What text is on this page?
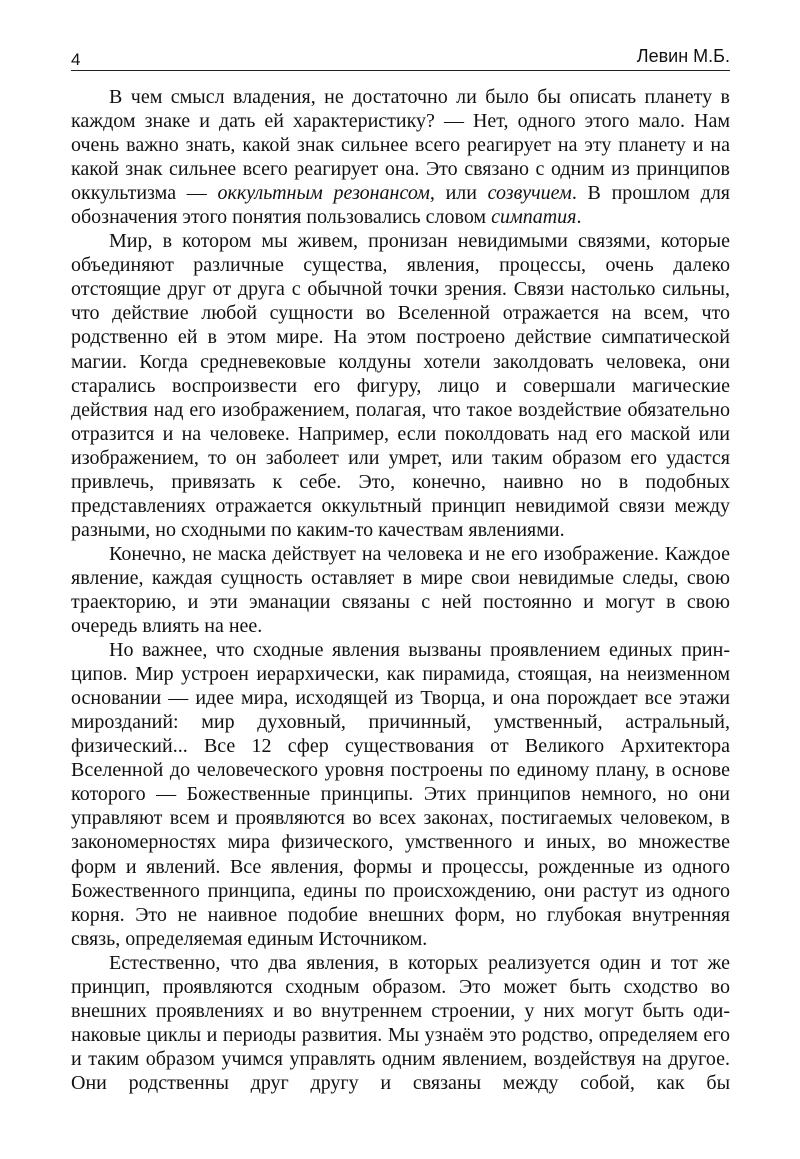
4	Левин М.Б.

В чем смысл владения, не достаточно ли было бы описать планету в каждом знаке и дать ей характеристику? — Нет, одного этого мало. Нам очень важно знать, какой знак сильнее всего реагирует на эту планету и на какой знак сильнее всего реагирует она. Это связано с одним из принципов оккультизма — оккультным резонансом, или созвучием. В прошлом для обозначения этого понятия пользовались словом симпатия.

Мир, в котором мы живем, пронизан невидимыми связями, которые объединяют различные существа, явления, процессы, очень далеко отстоящие друг от друга с обычной точки зрения. Связи настолько сильны, что действие любой сущности во Вселенной отражается на всем, что родственно ей в этом мире. На этом построено действие симпатической магии. Когда средневековые колдуны хотели заколдовать человека, они старались воспроизвести его фигуру, лицо и совершали магические действия над его изображением, полагая, что такое воздействие обязательно отразится и на человеке. Например, если поколдовать над его маской или изображением, то он заболеет или умрет, или таким образом его удастся привлечь, привязать к себе. Это, конечно, наивно но в подобных представлениях отражается оккультный принцип невидимой связи между разными, но сходными по каким-то качествам явлениями.

Конечно, не маска действует на человека и не его изображение. Каждое явление, каждая сущность оставляет в мире свои невидимые следы, свою траекторию, и эти эманации связаны с ней постоянно и могут в свою очередь влиять на нее.

Но важнее, что сходные явления вызваны проявлением единых принципов. Мир устроен иерархически, как пирамида, стоящая, на неизменном основании — идее мира, исходящей из Творца, и она порождает все этажи мирозданий: мир духовный, причинный, умственный, астральный, физический... Все 12 сфер существования от Великого Архитектора Вселенной до человеческого уровня построены по единому плану, в основе которого — Божественные принципы. Этих принципов немного, но они управляют всем и проявляются во всех законах, постигаемых человеком, в закономерностях мира физического, умственного и иных, во множестве форм и явлений. Все явления, формы и процессы, рожденные из одного Божественного принципа, едины по происхождению, они растут из одного корня. Это не наивное подобие внешних форм, но глубокая внутренняя связь, определяемая единым Источником.

Естественно, что два явления, в которых реализуется один и тот же принцип, проявляются сходным образом. Это может быть сходство во внешних проявлениях и во внутреннем строении, у них могут быть одинаковые циклы и периоды развития. Мы узнаём это родство, определяем его и таким образом учимся управлять одним явлением, воздействуя на другое. Они родственны друг другу и связаны между собой, как бы
